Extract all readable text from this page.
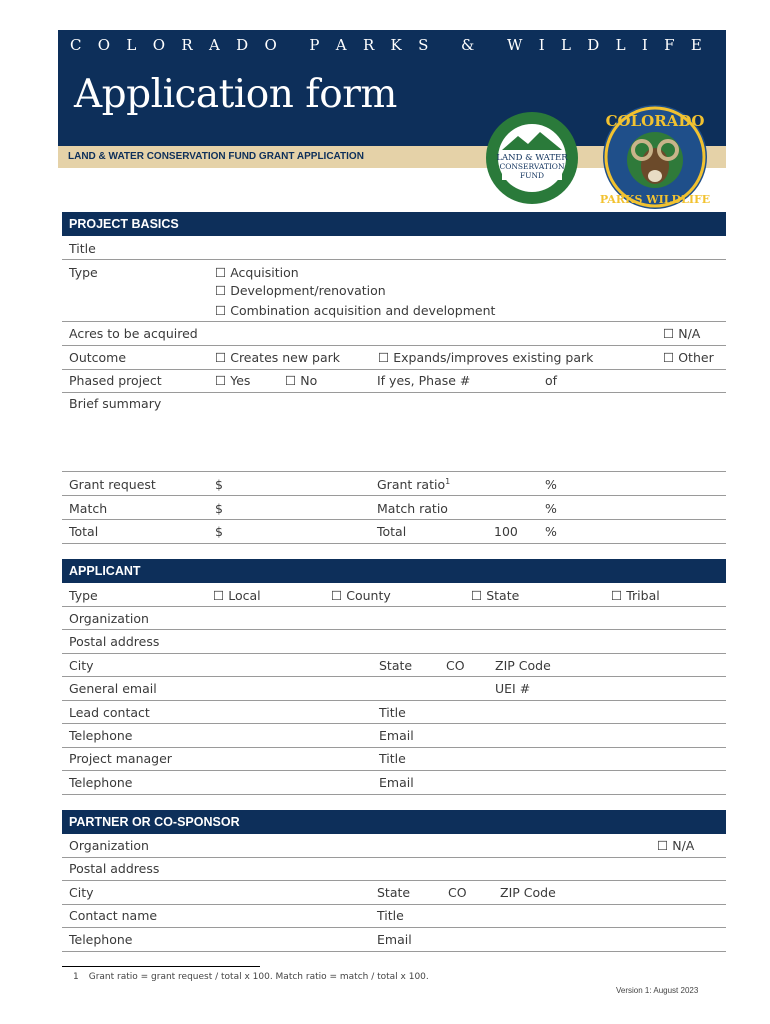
C O L O R A D O P A R K S & W I L D L I F E
Application form
LAND & WATER CONSERVATION FUND GRANT APPLICATION	LAND & WATER
CONSERVATION
FUND
COLORADO
PARKS WILDLIFE
PROJECT BASICS
Title
Type	☐ Acquisition
☐ Development/renovation
☐ Combination acquisition and development
Acres to be acquired	☐ N/A
Outcome	☐ Creates new park	☐ Expands/improves existing park	☐ Other
Phased project	☐ Yes	☐ No	If yes, Phase #	of
Brief summary
Grant request	$	Grant ratio$^1$	%
Match	$	Match ratio	%
Total	$	Total	100 %
APPLICANT
Type	☐ Local	☐ County	☐ State	☐ Tribal
Organization
Postal address
City	State	CO ZIP Code
General email	UEI #
Lead contact	Title
Telephone	Email
Project manager	Title
Telephone	Email
PARTNER OR CO-SPONSOR
Organization	☐ N/A
Postal address
City	State	CO	ZIP Code
Contact name	Title
Telephone	Email
1 Grant ratio = grant request / total x 100. Match ratio = match / total x 100.
Version 1: August 2023
